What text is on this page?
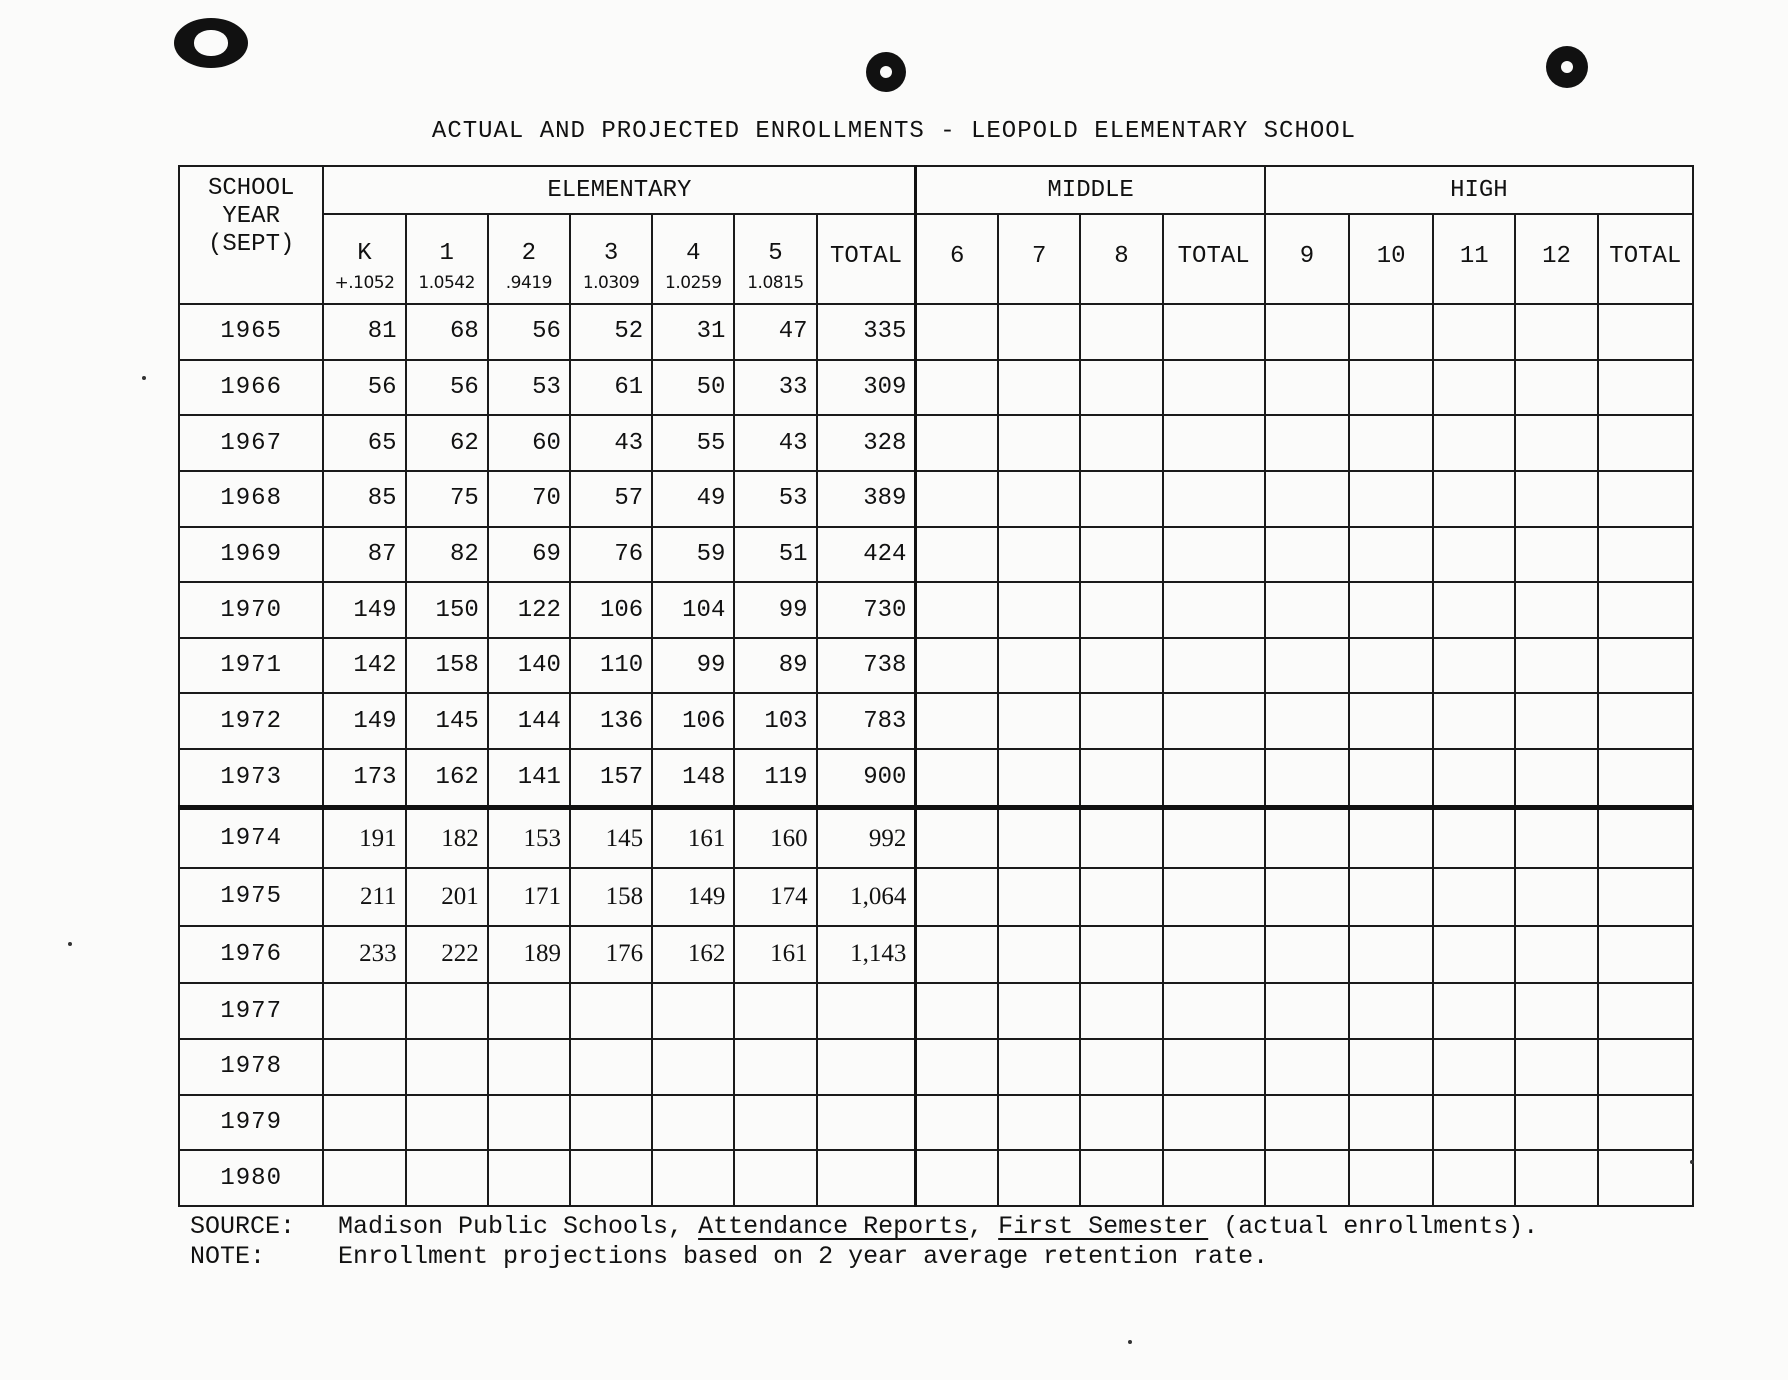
ACTUAL AND PROJECTED ENROLLMENTS - LEOPOLD ELEMENTARY SCHOOL
SCHOOL
YEAR
(SEPT)	ELEMENTARY							MIDDLE				HIGH				
	K	1	2	3	4	5	TOTAL	6	7	8	TOTAL	9	10	11	12	TOTAL
	+.1052	1.0542	.9419	1.0309	1.0259	1.0815										
1965	81	68	56	52	31	47	335									
1966	56	56	53	61	50	33	309									
1967	65	62	60	43	55	43	328									
1968	85	75	70	57	49	53	389									
1969	87	82	69	76	59	51	424									
1970	149	150	122	106	104	99	730									
1971	142	158	140	110	99	89	738									
1972	149	145	144	136	106	103	783									
1973	173	162	141	157	148	119	900									
1974	191	182	153	145	161	160	992									
1975	211	201	171	158	149	174	1,064									
1976	233	222	189	176	162	161	1,143									
1977																
1978																
1979																
1980																
SOURCE:	Madison Public Schools, Attendance Reports, First Semester (actual enrollments).
NOTE:	Enrollment projections based on 2 year average retention rate.
